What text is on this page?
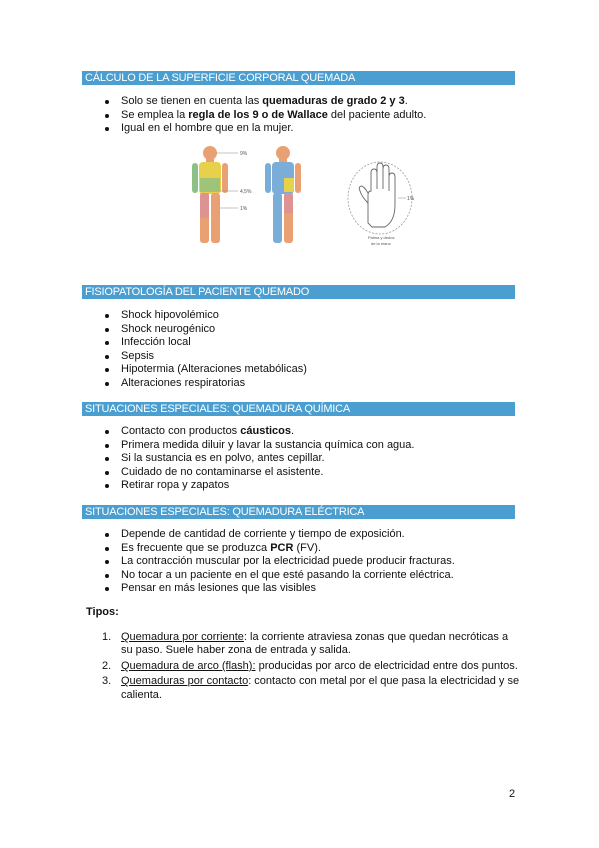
CÁLCULO DE LA SUPERFICIE CORPORAL QUEMADA
Solo se tienen en cuenta las quemaduras de grado 2 y 3.
Se emplea la regla de los 9 o de Wallace del paciente adulto.
Igual en el hombre que en la mujer.
9%
4,5%
1%
1%
Palma y dedos
de la mano
FISIOPATOLOGÍA DEL PACIENTE QUEMADO
Shock hipovolémico
Shock neurogénico
Infección local
Sepsis
Hipotermia (Alteraciones metabólicas)
Alteraciones respiratorias
SITUACIONES ESPECIALES: QUEMADURA QUÍMICA
Contacto con productos cáusticos.
Primera medida diluir y lavar la sustancia química con agua.
Si la sustancia es en polvo, antes cepillar.
Cuidado de no contaminarse el asistente.
Retirar ropa y zapatos
SITUACIONES ESPECIALES: QUEMADURA ELÉCTRICA
Depende de cantidad de corriente y tiempo de exposición.
Es frecuente que se produzca PCR (FV).
La contracción muscular por la electricidad puede producir fracturas.
No tocar a un paciente en el que esté pasando la corriente eléctrica.
Pensar en más lesiones que las visibles
Tipos:
1. Quemadura por corriente: la corriente atraviesa zonas que quedan necróticas a su paso. Suele haber zona de entrada y salida.
2. Quemadura de arco (flash): producidas por arco de electricidad entre dos puntos.
3. Quemaduras por contacto: contacto con metal por el que pasa la electricidad y se calienta.
2
